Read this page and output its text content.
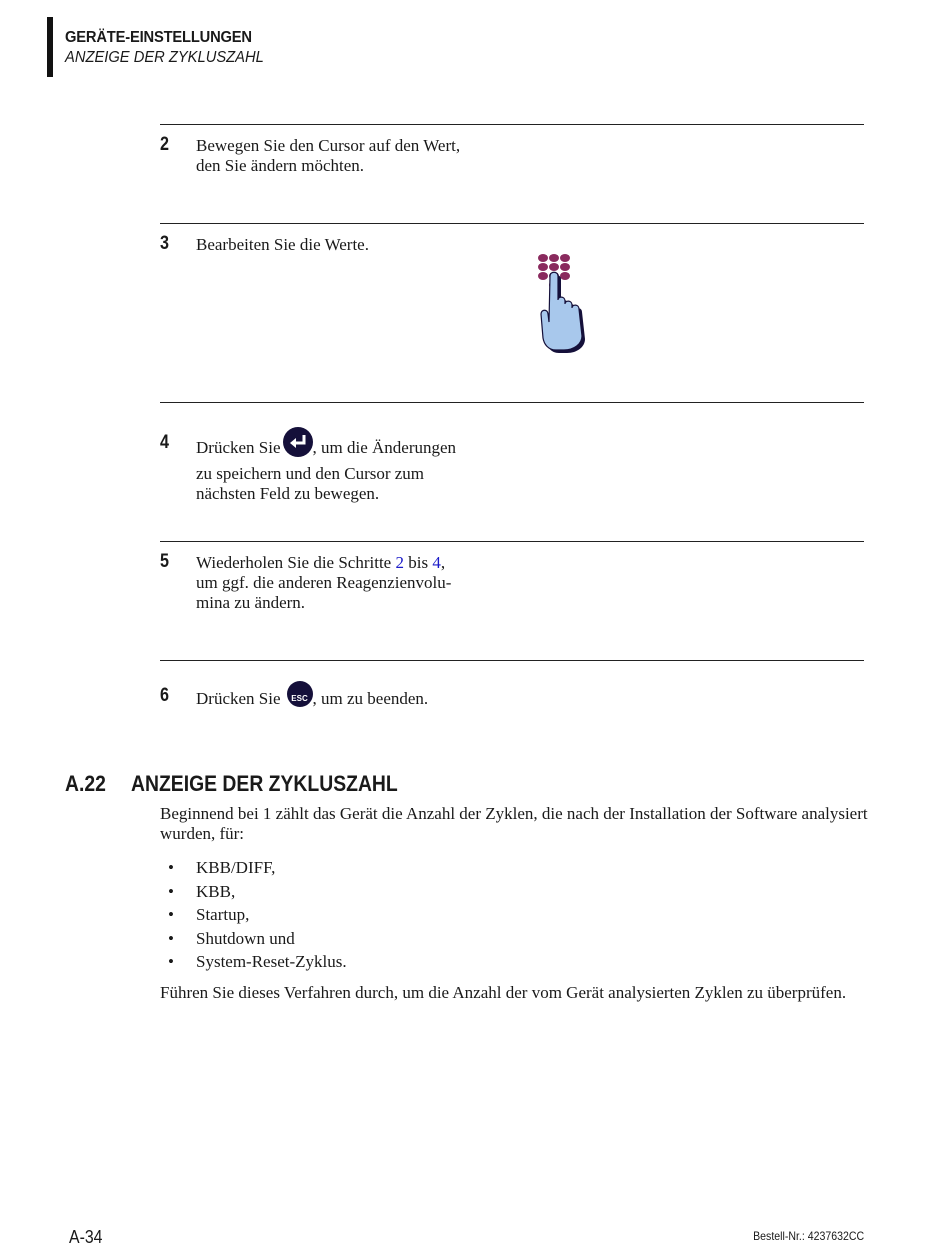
GERÄTE-EINSTELLUNGEN
ANZEIGE DER ZYKLUSZAHL
2 Bewegen Sie den Cursor auf den Wert,
den Sie ändern möchten.
3 Bearbeiten Sie die Werte.
4 Drücken Sie , um die Änderungen
zu speichern und den Cursor zum
nächsten Feld zu bewegen.
5 Wiederholen Sie die Schritte 2 bis 4,
um ggf. die anderen Reagenzienvolu-
mina zu ändern.
6 Drücken Sie	ESC , um zu beenden.
A.22 ANZEIGE DER ZYKLUSZAHL
Beginnend bei 1 zählt das Gerät die Anzahl der Zyklen, die nach der Installation der Software analysiert wurden, für:
• KBB/DIFF,
• KBB,
• Startup,
• Shutdown und
• System-Reset-Zyklus.
Führen Sie dieses Verfahren durch, um die Anzahl der vom Gerät analysierten Zyklen zu überprüfen.
A-34	Bestell-Nr.: 4237632CC
